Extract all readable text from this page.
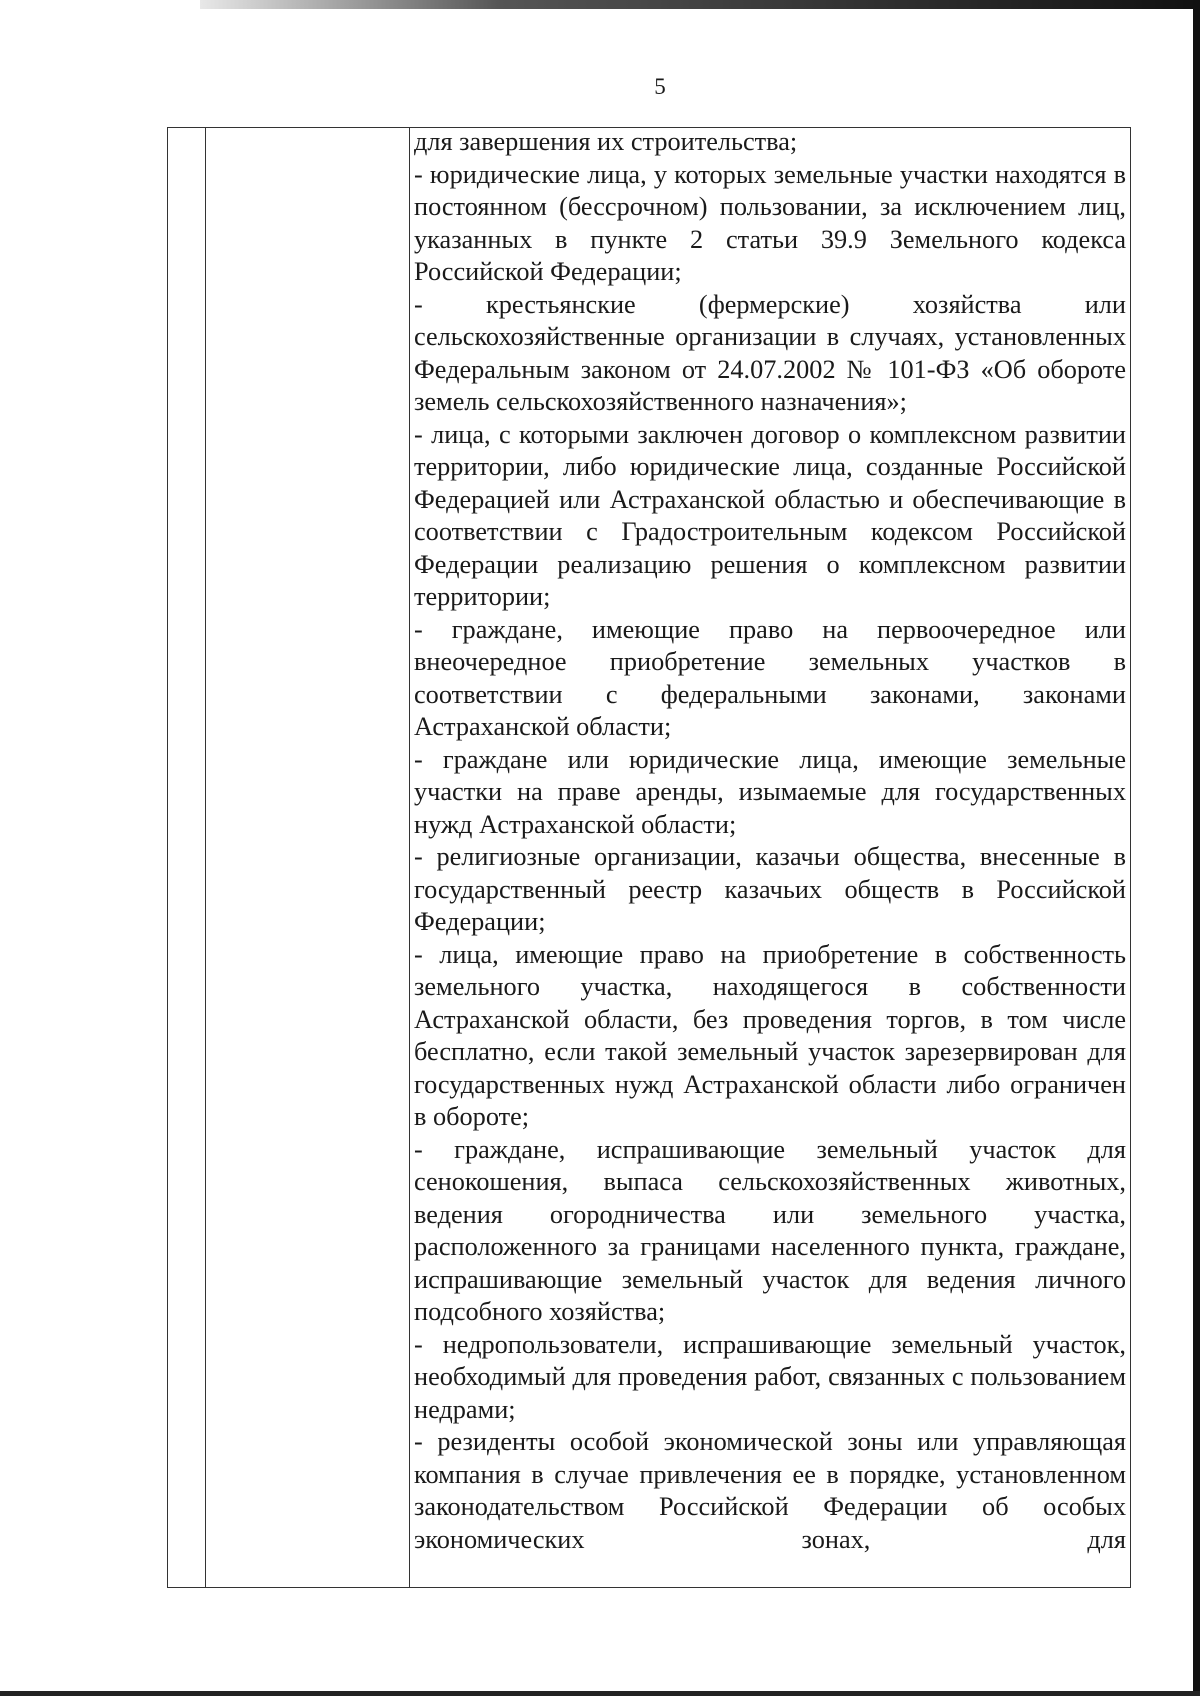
5

для завершения их строительства;

- юридические лица, у которых земельные участки находятся в постоянном (бессрочном) пользовании, за исключением лиц, указанных в пункте 2 статьи 39.9 Земельного кодекса Российской Федерации;

- крестьянские (фермерские) хозяйства или сельскохозяйственные организации в случаях, установленных Федеральным законом от 24.07.2002 № 101-ФЗ «Об обороте земель сельскохозяйственного назначения»;

- лица, с которыми заключен договор о комплексном развитии территории, либо юридические лица, созданные Российской Федерацией или Астраханской областью и обеспечивающие в соответствии с Градостроительным кодексом Российской Федерации реализацию решения о комплексном развитии территории;

- граждане, имеющие право на первоочередное или внеочередное приобретение земельных участков в соответствии с федеральными законами, законами Астраханской области;

- граждане или юридические лица, имеющие земельные участки на праве аренды, изымаемые для государственных нужд Астраханской области;

- религиозные организации, казачьи общества, внесенные в государственный реестр казачьих обществ в Российской Федерации;

- лица, имеющие право на приобретение в собственность земельного участка, находящегося в собственности Астраханской области, без проведения торгов, в том числе бесплатно, если такой земельный участок зарезервирован для государственных нужд Астраханской области либо ограничен в обороте;

- граждане, испрашивающие земельный участок для сенокошения, выпаса сельскохозяйственных животных, ведения огородничества или земельного участка, расположенного за границами населенного пункта, граждане, испрашивающие земельный участок для ведения личного подсобного хозяйства;

- недропользователи, испрашивающие земельный участок, необходимый для проведения работ, связанных с пользованием недрами;

- резиденты особой экономической зоны или управляющая компания в случае привлечения ее в порядке, установленном законодательством Российской Федерации об особых экономических зонах, для
